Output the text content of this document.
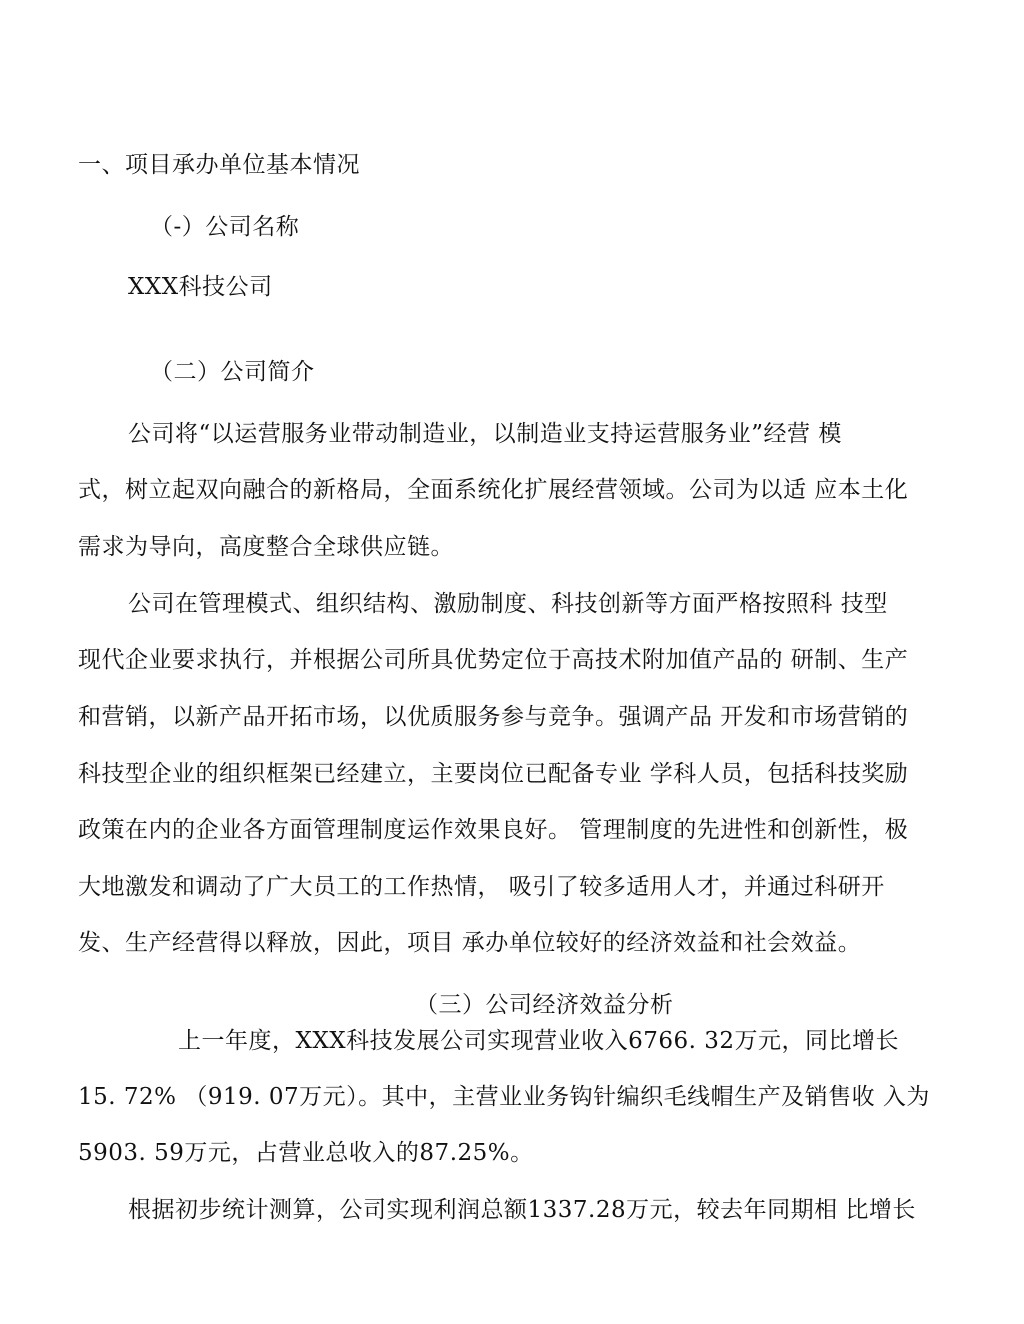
一、项目承办单位基本情况
（-）公司名称
XXX科技公司
（二）公司简介
公司将“以运营服务业带动制造业，以制造业支持运营服务业”经营 模
式，树立起双向融合的新格局，全面系统化扩展经营领域。公司为以适 应本土化
需求为导向，高度整合全球供应链。
公司在管理模式、组织结构、激励制度、科技创新等方面严格按照科 技型
现代企业要求执行，并根据公司所具优势定位于高技术附加值产品的 研制、生产
和营销，以新产品开拓市场，以优质服务参与竞争。强调产品 开发和市场营销的
科技型企业的组织框架已经建立，主要岗位已配备专业 学科人员，包括科技奖励
政策在内的企业各方面管理制度运作效果良好。 管理制度的先进性和创新性，极
大地激发和调动了广大员工的工作热情， 吸引了较多适用人才，并通过科研开
发、生产经营得以释放，因此，项目 承办单位较好的经济效益和社会效益。
（三）公司经济效益分析
上一年度，XXX科技发展公司实现营业收入6766. 32万元，同比增长
15. 72% （919. 07万元）。其中，主营业业务钩针编织毛线帽生产及销售收 入为
5903. 59万元，占营业总收入的87.25%。
根据初步统计测算，公司实现利润总额1337.28万元，较去年同期相 比增长
